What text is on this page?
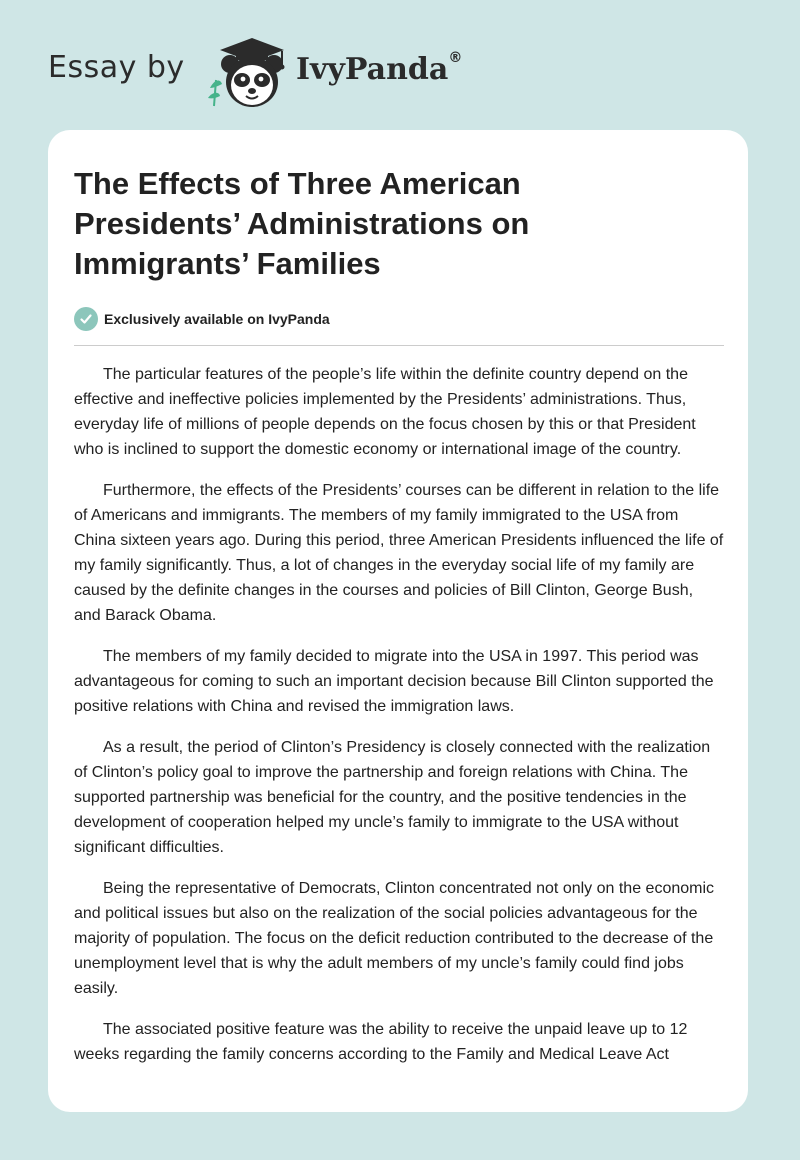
Essay by	IvyPanda®
The Effects of Three American Presidents’ Administrations on Immigrants’ Families
Exclusively available on IvyPanda

The particular features of the people’s life within the definite country depend on the effective and ineffective policies implemented by the Presidents’ administrations. Thus, everyday life of millions of people depends on the focus chosen by this or that President who is inclined to support the domestic economy or international image of the country.

Furthermore, the effects of the Presidents’ courses can be different in relation to the life of Americans and immigrants. The members of my family immigrated to the USA from China sixteen years ago. During this period, three American Presidents influenced the life of my family significantly. Thus, a lot of changes in the everyday social life of my family are caused by the definite changes in the courses and policies of Bill Clinton, George Bush, and Barack Obama.

The members of my family decided to migrate into the USA in 1997. This period was advantageous for coming to such an important decision because Bill Clinton supported the positive relations with China and revised the immigration laws.

As a result, the period of Clinton’s Presidency is closely connected with the realization of Clinton’s policy goal to improve the partnership and foreign relations with China. The supported partnership was beneficial for the country, and the positive tendencies in the development of cooperation helped my uncle’s family to immigrate to the USA without significant difficulties.

Being the representative of Democrats, Clinton concentrated not only on the economic and political issues but also on the realization of the social policies advantageous for the majority of population. The focus on the deficit reduction contributed to the decrease of the unemployment level that is why the adult members of my uncle’s family could find jobs easily.

The associated positive feature was the ability to receive the unpaid leave up to 12 weeks regarding the family concerns according to the Family and Medical Leave Act
